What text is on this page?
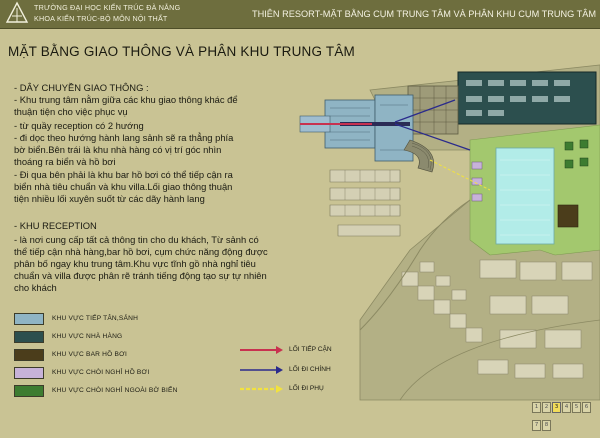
TRƯỜNG ĐẠI HỌC KIẾN TRÚC ĐÀ NẴNG
KHOA KIẾN TRÚC-BỘ MÔN NỘI THẤT	THIÊN RESORT-MẶT BẰNG CỤM TRUNG TÂM VÀ PHÂN KHU CỤM TRUNG TÂM
MẶT BẰNG GIAO THÔNG VÀ PHÂN KHU TRUNG TÂM
- DÂY CHUYỀN GIAO THÔNG :
- Khu trung tâm nằm giữa các khu giao thông khác để
thuận tiện cho việc phục vụ
- từ quầy reception có 2 hướng
- đi dọc theo hướng hành lang sảnh sẽ ra thẳng phía
bờ biển.Bên trái là khu nhà hàng có vị trí góc nhìn
thoáng ra biển và hồ bơi
- Đi qua bên phải là khu bar hồ bơi có thể tiếp cận ra
biển nhà tiêu chuẩn và khu villa.Lối giao thông thuận
tiện nhiều lối xuyên suốt từ các dãy hành lang
- KHU RECEPTION
- là nơi cung cấp tất cả thông tin cho du khách, Từ sảnh có
thể tiếp cận nhà hàng,bar hồ bơi, cụm chức năng động được
phân bố ngay khu trung tâm.Khu vực tĩnh gồ nhà nghỉ tiêu
chuẩn và villa được phân rẽ tránh tiếng động tạo sự tự nhiên
cho khách
KHU VỰC TIẾP TÂN,SẢNH
KHU VỰC NHÀ HÀNG
KHU VỰC BAR HỒ BƠI
KHU VỰC CHÒI NGHỈ HỒ BƠI
KHU VỰC CHÒI NGHỈ NGOÀI BỜ BIỂN
LỐI TIẾP CẬN
LỐI ĐI CHÍNH
LỐI ĐI PHỤ
1 2 3 4 5 67 8
